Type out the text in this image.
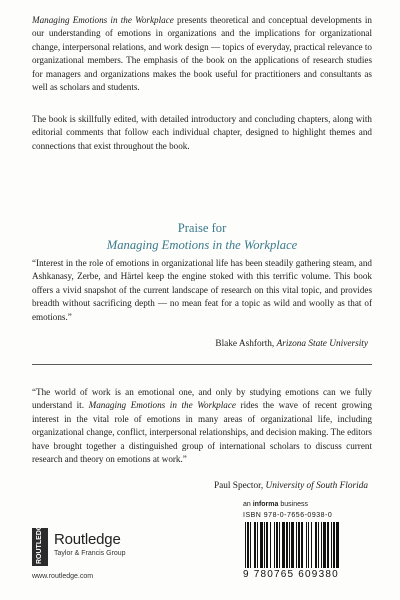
Managing Emotions in the Workplace presents theoretical and conceptual developments in our understanding of emotions in organizations and the implications for organizational change, interpersonal relations, and work design — topics of everyday, practical relevance to organizational members. The emphasis of the book on the applications of research studies for managers and organizations makes the book useful for practitioners and consultants as well as scholars and students.

The book is skillfully edited, with detailed introductory and concluding chapters, along with editorial comments that follow each individual chapter, designed to highlight themes and connections that exist throughout the book.

Praise for
Managing Emotions in the Workplace

“Interest in the role of emotions in organizational life has been steadily gathering steam, and Ashkanasy, Zerbe, and Härtel keep the engine stoked with this terrific volume. This book offers a vivid snapshot of the current landscape of research on this vital topic, and provides breadth without sacrificing depth — no mean feat for a topic as wild and woolly as that of emotions.”

Blake Ashforth, Arizona State University

“The world of work is an emotional one, and only by studying emotions can we fully understand it. Managing Emotions in the Workplace rides the wave of recent growing interest in the vital role of emotions in many areas of organizational life, including organizational change, conflict, interpersonal relationships, and decision making. The editors have brought together a distinguished group of international scholars to discuss current research and theory on emotions at work.”

Paul Spector, University of South Florida
ROUTLEDGE Routledge
Taylor & Francis Group
www.routledge.com
an informa business
ISBN 978-0-7656-0938-0
9 780765 609380
